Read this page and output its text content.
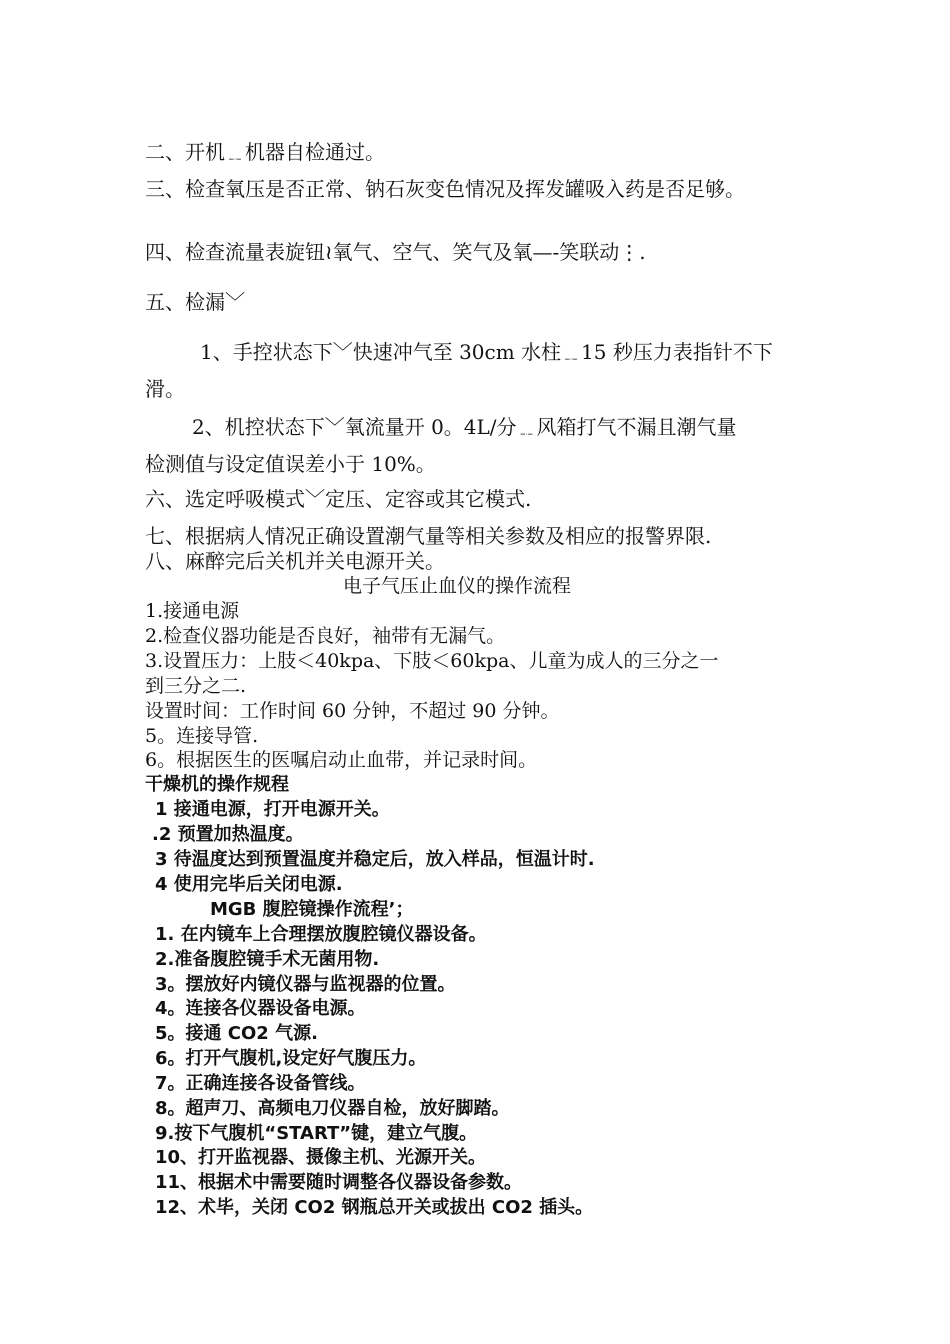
二、开机﹎机器自检通过。
三、检查氧压是否正常、钠石灰变色情况及挥发罐吸入药是否足够。
四、检查流量表旋钮≀氧气、空气、笑气及氧—-笑联动⋮.
五、检漏﹀
1、手控状态下﹀快速冲气至 30cm 水柱﹎15 秒压力表指针不下
滑。
2、机控状态下﹀氧流量开 0。4L/分﹎风箱打气不漏且潮气量
检测值与设定值误差小于 10%。
六、选定呼吸模式﹀定压、定容或其它模式.
七、根据病人情况正确设置潮气量等相关参数及相应的报警界限.
八、麻醉完后关机并关电源开关。
电子气压止血仪的操作流程
1.接通电源
2.检查仪器功能是否良好，袖带有无漏气。
3.设置压力：上肢＜40kpa、下肢＜60kpa、儿童为成人的三分之一
到三分之二.
设置时间：工作时间 60 分钟，不超过 90 分钟。
5。连接导管.
6。根据医生的医嘱启动止血带，并记录时间。
干燥机的操作规程
1 接通电源，打开电源开关。
.2 预置加热温度。
3 待温度达到预置温度并稳定后，放入样品，恒温计时.
4 使用完毕后关闭电源.
MGB 腹腔镜操作流程’；
1. 在内镜车上合理摆放腹腔镜仪器设备。
2.准备腹腔镜手术无菌用物.
3。摆放好内镜仪器与监视器的位置。
4。连接各仪器设备电源。
5。接通 CO2 气源.
6。打开气腹机,设定好气腹压力。
7。正确连接各设备管线。
8。超声刀、高频电刀仪器自检，放好脚踏。
9.按下气腹机“START”键，建立气腹。
10、打开监视器、摄像主机、光源开关。
11、根据术中需要随时调整各仪器设备参数。
12、术毕，关闭 CO2 钢瓶总开关或拔出 CO2 插头。
